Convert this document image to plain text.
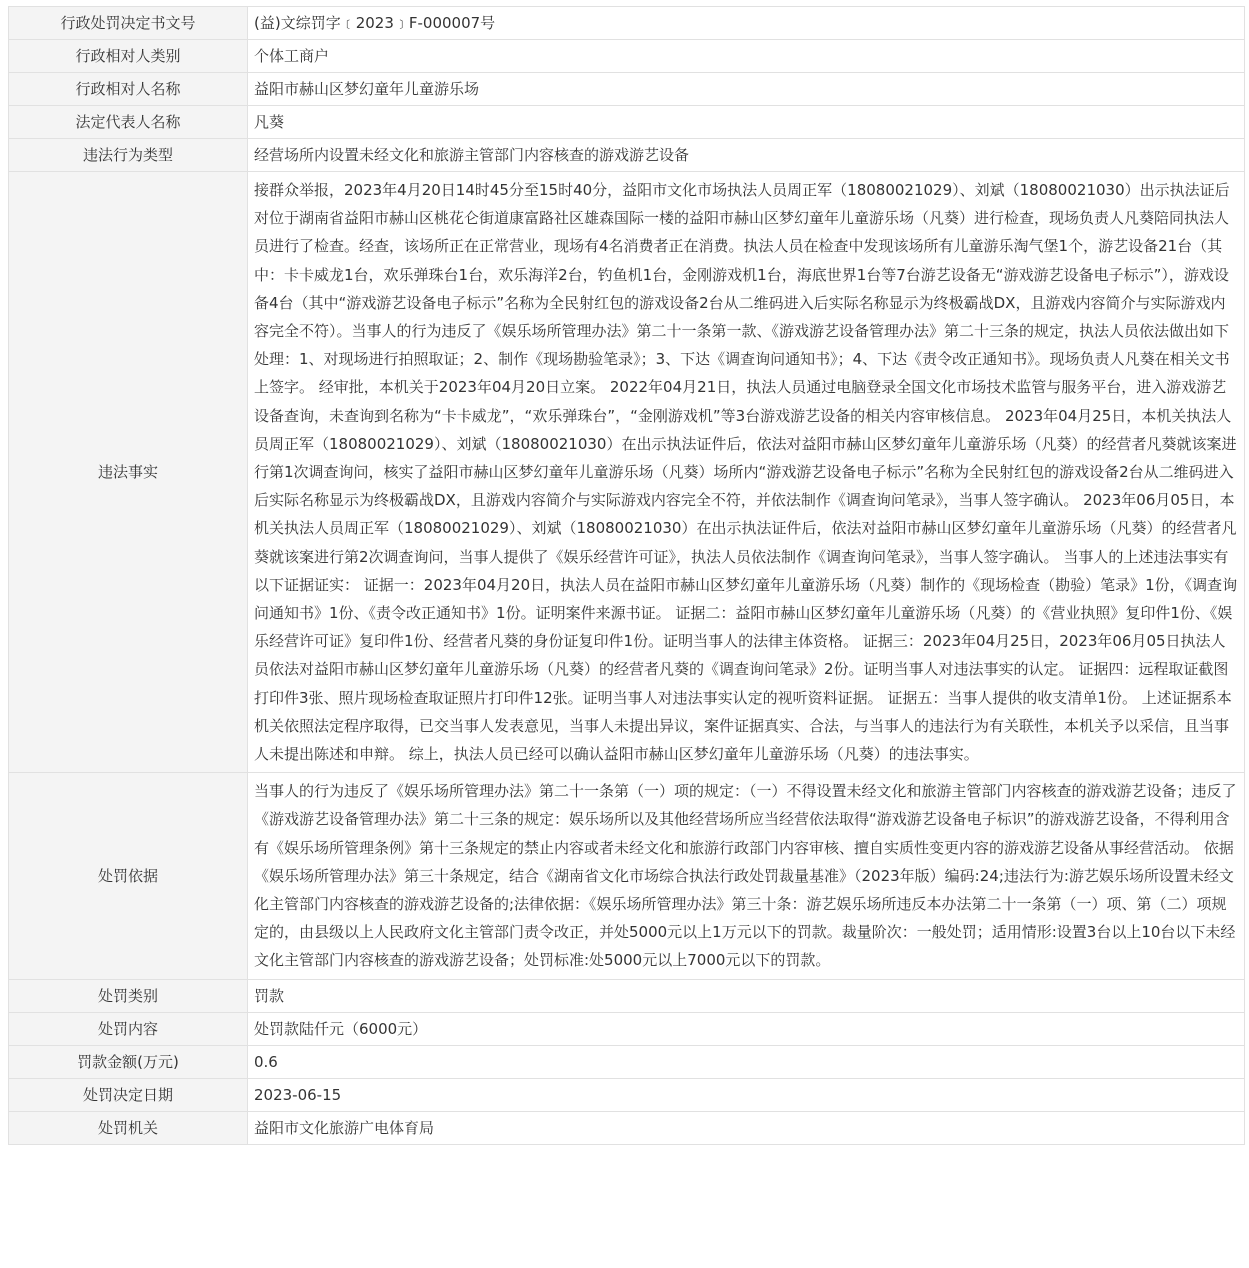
行政处罚决定书文号	(益)文综罚字﹝2023﹞F-000007号
行政相对人类别	个体工商户
行政相对人名称	益阳市赫山区梦幻童年儿童游乐场
法定代表人名称	凡葵
违法行为类型	经营场所内设置未经文化和旅游主管部门内容核查的游戏游艺设备
违法事实	接群众举报，2023年4月20日14时45分至15时40分，益阳市文化市场执法人员周正军（18080021029）、刘斌（18080021030）出示执法证后对位于湖南省益阳市赫山区桃花仑街道康富路社区雄森国际一楼的益阳市赫山区梦幻童年儿童游乐场（凡葵）进行检查，现场负责人凡葵陪同执法人员进行了检查。经查，该场所正在正常营业，现场有4名消费者正在消费。执法人员在检查中发现该场所有儿童游乐淘气堡1个，游艺设备21台（其中：卡卡威龙1台，欢乐弹珠台1台，欢乐海洋2台，钓鱼机1台，金刚游戏机1台，海底世界1台等7台游艺设备无“游戏游艺设备电子标示”），游戏设备4台（其中“游戏游艺设备电子标示”名称为全民射红包的游戏设备2台从二维码进入后实际名称显示为终极霸战DX，且游戏内容简介与实际游戏内容完全不符）。当事人的行为违反了《娱乐场所管理办法》第二十一条第一款、《游戏游艺设备管理办法》第二十三条的规定，执法人员依法做出如下处理：1、对现场进行拍照取证；2、制作《现场勘验笔录》；3、下达《调查询问通知书》；4、下达《责令改正通知书》。现场负责人凡葵在相关文书上签字。 经审批，本机关于2023年04月20日立案。 2022年04月21日，执法人员通过电脑登录全国文化市场技术监管与服务平台，进入游戏游艺设备查询，未查询到名称为“卡卡威龙”，“欢乐弹珠台”，“金刚游戏机”等3台游戏游艺设备的相关内容审核信息。 2023年04月25日，本机关执法人员周正军（18080021029）、刘斌（18080021030）在出示执法证件后，依法对益阳市赫山区梦幻童年儿童游乐场（凡葵）的经营者凡葵就该案进行第1次调查询问，核实了益阳市赫山区梦幻童年儿童游乐场（凡葵）场所内“游戏游艺设备电子标示”名称为全民射红包的游戏设备2台从二维码进入后实际名称显示为终极霸战DX，且游戏内容简介与实际游戏内容完全不符，并依法制作《调查询问笔录》，当事人签字确认。 2023年06月05日，本机关执法人员周正军（18080021029）、刘斌（18080021030）在出示执法证件后，依法对益阳市赫山区梦幻童年儿童游乐场（凡葵）的经营者凡葵就该案进行第2次调查询问，当事人提供了《娱乐经营许可证》，执法人员依法制作《调查询问笔录》，当事人签字确认。 当事人的上述违法事实有以下证据证实： 证据一：2023年04月20日，执法人员在益阳市赫山区梦幻童年儿童游乐场（凡葵）制作的《现场检查（勘验）笔录》1份，《调查询问通知书》1份、《责令改正通知书》1份。证明案件来源书证。 证据二：益阳市赫山区梦幻童年儿童游乐场（凡葵）的《营业执照》复印件1份、《娱乐经营许可证》复印件1份、经营者凡葵的身份证复印件1份。证明当事人的法律主体资格。 证据三：2023年04月25日，2023年06月05日执法人员依法对益阳市赫山区梦幻童年儿童游乐场（凡葵）的经营者凡葵的《调查询问笔录》2份。证明当事人对违法事实的认定。 证据四：远程取证截图打印件3张、照片现场检查取证照片打印件12张。证明当事人对违法事实认定的视听资料证据。 证据五：当事人提供的收支清单1份。 上述证据系本机关依照法定程序取得，已交当事人发表意见，当事人未提出异议，案件证据真实、合法，与当事人的违法行为有关联性，本机关予以采信，且当事人未提出陈述和申辩。 综上，执法人员已经可以确认益阳市赫山区梦幻童年儿童游乐场（凡葵）的违法事实。
处罚依据	当事人的行为违反了《娱乐场所管理办法》第二十一条第（一）项的规定：（一）不得设置未经文化和旅游主管部门内容核查的游戏游艺设备；违反了《游戏游艺设备管理办法》第二十三条的规定：娱乐场所以及其他经营场所应当经营依法取得“游戏游艺设备电子标识”的游戏游艺设备，不得利用含有《娱乐场所管理条例》第十三条规定的禁止内容或者未经文化和旅游行政部门内容审核、擅自实质性变更内容的游戏游艺设备从事经营活动。 依据《娱乐场所管理办法》第三十条规定，结合《湖南省文化市场综合执法行政处罚裁量基准》（2023年版）编码:24;违法行为:游艺娱乐场所设置未经文化主管部门内容核查的游戏游艺设备的;法律依据：《娱乐场所管理办法》第三十条：游艺娱乐场所违反本办法第二十一条第（一）项、第（二）项规定的，由县级以上人民政府文化主管部门责令改正，并处5000元以上1万元以下的罚款。裁量阶次：一般处罚；适用情形:设置3台以上10台以下未经文化主管部门内容核查的游戏游艺设备；处罚标准:处5000元以上7000元以下的罚款。
处罚类别	罚款
处罚内容	处罚款陆仟元（6000元）
罚款金额(万元)	0.6
处罚决定日期	2023-06-15
处罚机关	益阳市文化旅游广电体育局
